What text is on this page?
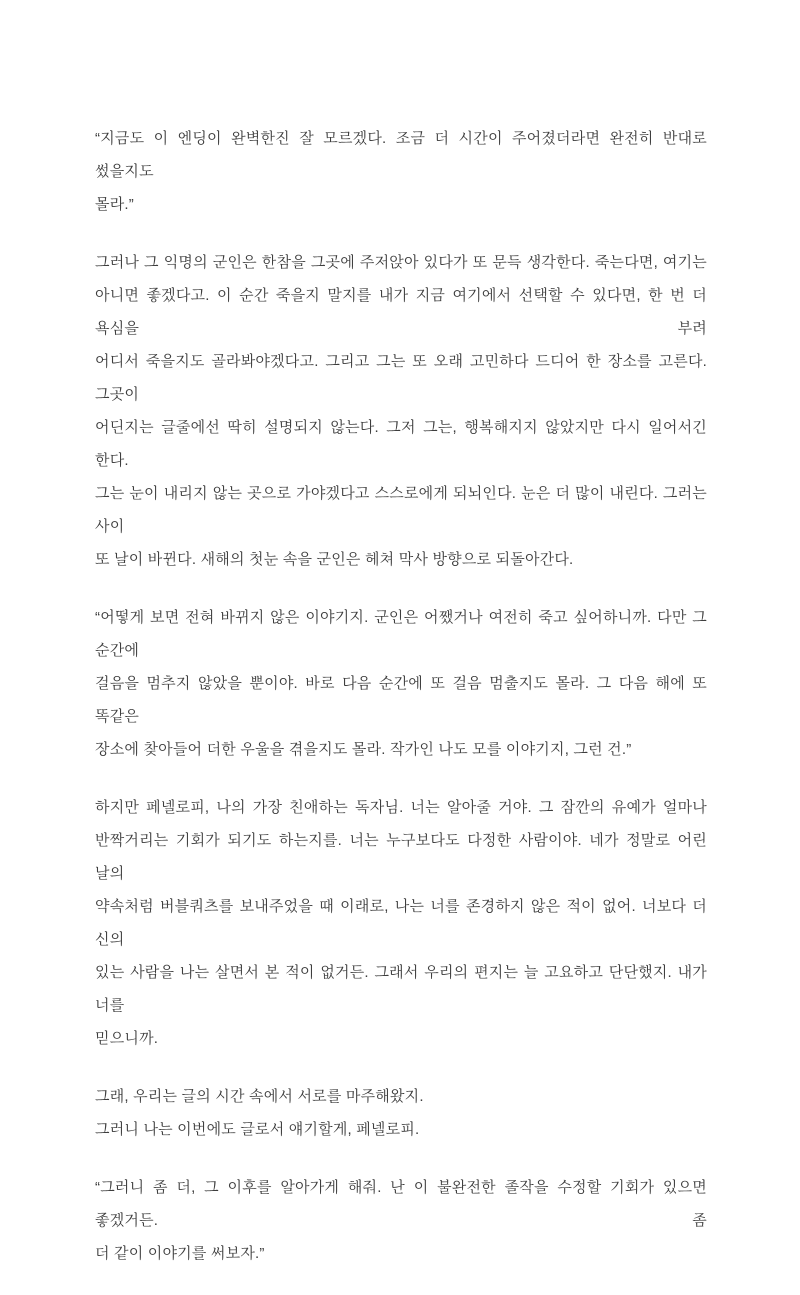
“지금도 이 엔딩이 완벽한진 잘 모르겠다. 조금 더 시간이 주어졌더라면 완전히 반대로 썼을지도
몰라.”

그러나 그 익명의 군인은 한참을 그곳에 주저앉아 있다가 또 문득 생각한다. 죽는다면, 여기는
아니면 좋겠다고. 이 순간 죽을지 말지를 내가 지금 여기에서 선택할 수 있다면, 한 번 더 욕심을 부려
어디서 죽을지도 골라봐야겠다고. 그리고 그는 또 오래 고민하다 드디어 한 장소를 고른다. 그곳이
어딘지는 글줄에선 딱히 설명되지 않는다. 그저 그는, 행복해지지 않았지만 다시 일어서긴 한다.
그는 눈이 내리지 않는 곳으로 가야겠다고 스스로에게 되뇌인다. 눈은 더 많이 내린다. 그러는 사이
또 날이 바뀐다. 새해의 첫눈 속을 군인은 헤쳐 막사 방향으로 되돌아간다.

“어떻게 보면 전혀 바뀌지 않은 이야기지. 군인은 어쨌거나 여전히 죽고 싶어하니까. 다만 그 순간에
걸음을 멈추지 않았을 뿐이야. 바로 다음 순간에 또 걸음 멈출지도 몰라. 그 다음 해에 또 똑같은
장소에 찾아들어 더한 우울을 겪을지도 몰라. 작가인 나도 모를 이야기지, 그런 건.”

하지만 페넬로피, 나의 가장 친애하는 독자님. 너는 알아줄 거야. 그 잠깐의 유예가 얼마나
반짝거리는 기회가 되기도 하는지를. 너는 누구보다도 다정한 사람이야. 네가 정말로 어린 날의
약속처럼 버블쿼츠를 보내주었을 때 이래로, 나는 너를 존경하지 않은 적이 없어. 너보다 더 신의
있는 사람을 나는 살면서 본 적이 없거든. 그래서 우리의 편지는 늘 고요하고 단단했지. 내가 너를
믿으니까.

그래, 우리는 글의 시간 속에서 서로를 마주해왔지.
그러니 나는 이번에도 글로서 얘기할게, 페넬로피.

“그러니 좀 더, 그 이후를 알아가게 해줘. 난 이 불완전한 졸작을 수정할 기회가 있으면 좋겠거든. 좀
더 같이 이야기를 써보자.”
